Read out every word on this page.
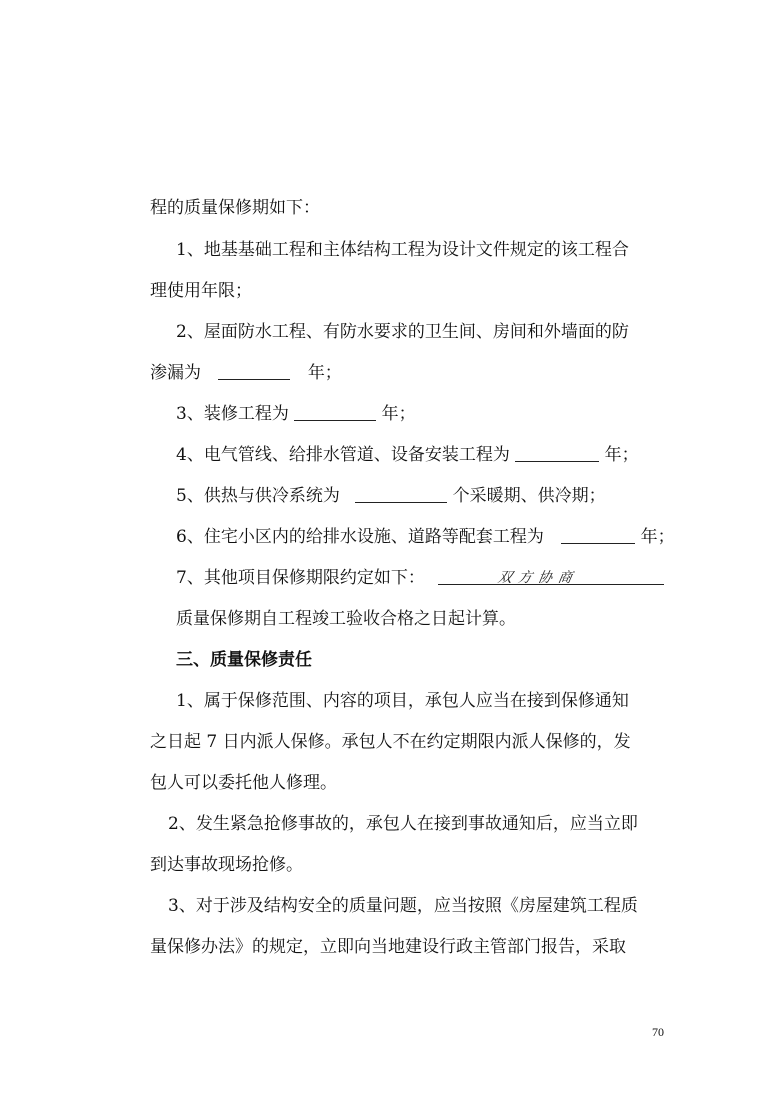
程的质量保修期如下：
1、地基基础工程和主体结构工程为设计文件规定的该工程合
理使用年限；
2、屋面防水工程、有防水要求的卫生间、房间和外墙面的防
渗漏为	年；
3、装修工程为	年；
4、电气管线、给排水管道、设备安装工程为	年；
5、供热与供冷系统为	个采暖期、供冷期；
6、住宅小区内的给排水设施、道路等配套工程为	年；
7、其他项目保修期限约定如下：	双方协商
质量保修期自工程竣工验收合格之日起计算。
三、质量保修责任
1、属于保修范围、内容的项目，承包人应当在接到保修通知
之日起 7 日内派人保修。承包人不在约定期限内派人保修的，发
包人可以委托他人修理。
2、发生紧急抢修事故的，承包人在接到事故通知后，应当立即
到达事故现场抢修。
3、对于涉及结构安全的质量问题，应当按照《房屋建筑工程质
量保修办法》的规定，立即向当地建设行政主管部门报告，采取
70
